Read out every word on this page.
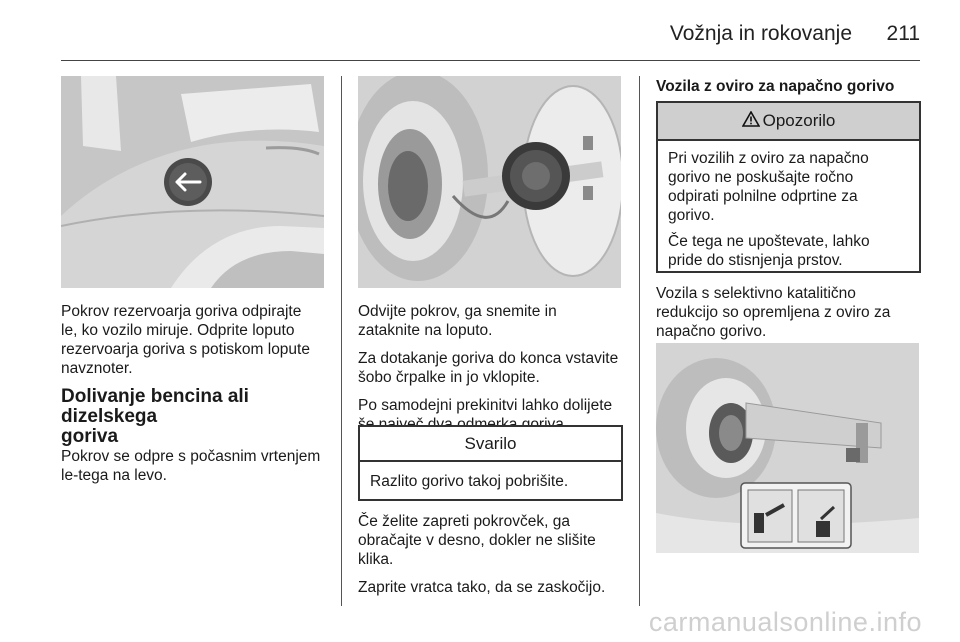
Vožnja in rokovanje 211

Pokrov rezervoarja goriva odpirajte
le, ko vozilo miruje. Odprite loputo
rezervoarja goriva s potiskom lopute
navznoter.

Dolivanje bencina ali dizelskega
goriva

Pokrov se odpre s počasnim vrtenjem
le-tega na levo.

Odvijte pokrov, ga snemite in
zataknite na loputo.

Za dotakanje goriva do konca vstavite
šobo črpalke in jo vklopite.

Po samodejni prekinitvi lahko dolijete

Svarilo
Razlito gorivo takoj pobrišite.

Če želite zapreti pokrovček, ga
obračajte v desno, dokler ne slišite
klika.

Zaprite vratca tako, da se zaskočijo.

Vozila z oviro za napačno gorivo
Opozorilo

Pri vozilih z oviro za napačno
gorivo ne poskušajte ročno
odpirati polnilne odprtine za
gorivo.

Če tega ne upoštevate, lahko
pride do stisnjenja prstov.

Vozila s selektivno katalitično
redukcijo so opremljena z oviro za
napačno gorivo.

carmanualsonline.info
